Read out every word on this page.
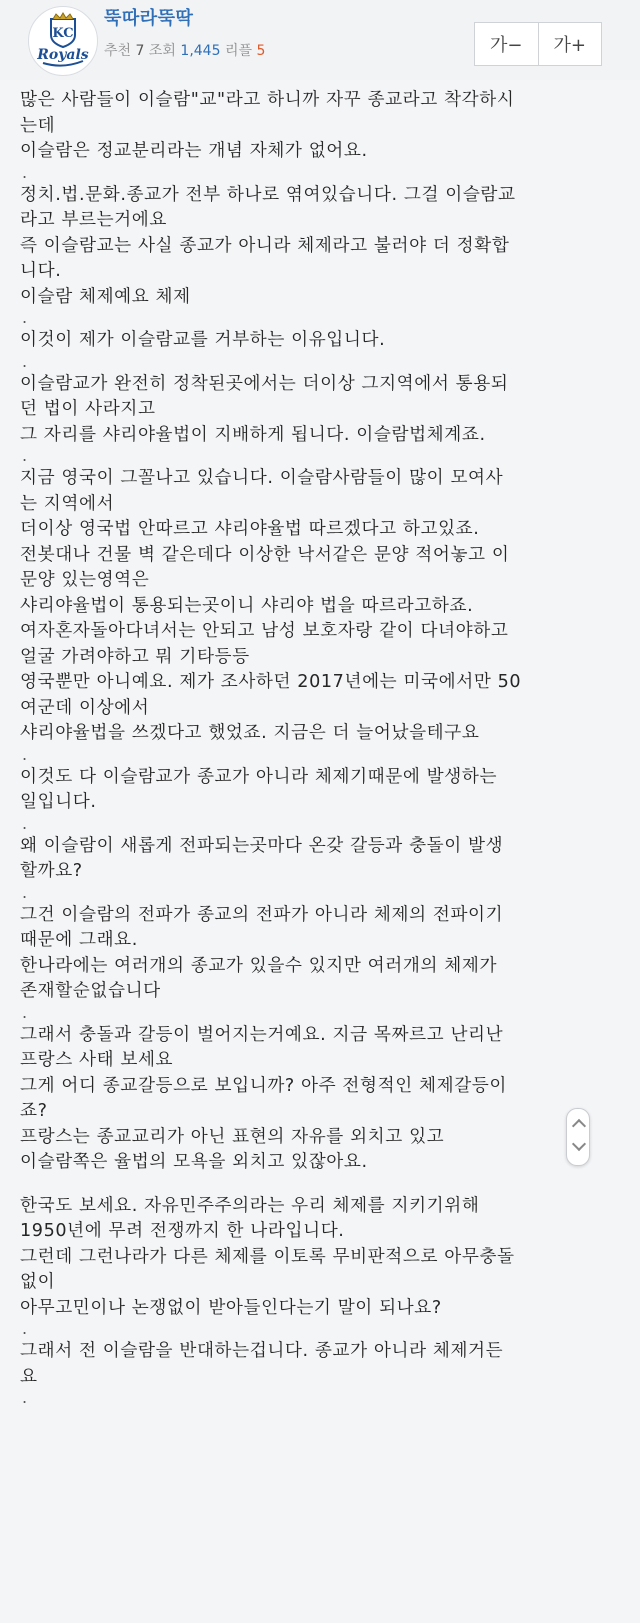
KC
Royals
뚝따라뚝딱
추천 7 조회 1,445 리플 5	가−	가+
많은 사람들이 이슬람"교"라고 하니까 자꾸 종교라고 착각하시
는데
이슬람은 정교분리라는 개념 자체가 없어요.
.
정치.법.문화.종교가 전부 하나로 엮여있습니다. 그걸 이슬람교
라고 부르는거에요
즉 이슬람교는 사실 종교가 아니라 체제라고 불러야 더 정확합
니다.
이슬람 체제예요 체제
.
이것이 제가 이슬람교를 거부하는 이유입니다.
.
이슬람교가 완전히 정착된곳에서는 더이상 그지역에서 통용되
던 법이 사라지고
그 자리를 샤리야율법이 지배하게 됩니다. 이슬람법체계죠.
.
지금 영국이 그꼴나고 있습니다. 이슬람사람들이 많이 모여사
는 지역에서
더이상 영국법 안따르고 샤리야율법 따르겠다고 하고있죠.
전봇대나 건물 벽 같은데다 이상한 낙서같은 문양 적어놓고 이
문양 있는영역은
샤리야율법이 통용되는곳이니 샤리야 법을 따르라고하죠.
여자혼자돌아다녀서는 안되고 남성 보호자랑 같이 다녀야하고
얼굴 가려야하고 뭐 기타등등
영국뿐만 아니예요. 제가 조사하던 2017년에는 미국에서만 50
여군데 이상에서
샤리야율법을 쓰겠다고 했었죠. 지금은 더 늘어났을테구요
.
이것도 다 이슬람교가 종교가 아니라 체제기때문에 발생하는
일입니다.
.
왜 이슬람이 새롭게 전파되는곳마다 온갖 갈등과 충돌이 발생
할까요?
.
그건 이슬람의 전파가 종교의 전파가 아니라 체제의 전파이기
때문에 그래요.
한나라에는 여러개의 종교가 있을수 있지만 여러개의 체제가
존재할순없습니다
.
그래서 충돌과 갈등이 벌어지는거예요. 지금 목짜르고 난리난
프랑스 사태 보세요
그게 어디 종교갈등으로 보입니까? 아주 전형적인 체제갈등이
죠?
프랑스는 종교교리가 아닌 표현의 자유를 외치고 있고
이슬람쪽은 율법의 모욕을 외치고 있잖아요.
한국도 보세요. 자유민주주의라는 우리 체제를 지키기위해
1950년에 무려 전쟁까지 한 나라입니다.
그런데 그런나라가 다른 체제를 이토록 무비판적으로 아무충돌
없이
아무고민이나 논쟁없이 받아들인다는기 말이 되나요?
.
그래서 전 이슬람을 반대하는겁니다. 종교가 아니라 체제거든
요
.
